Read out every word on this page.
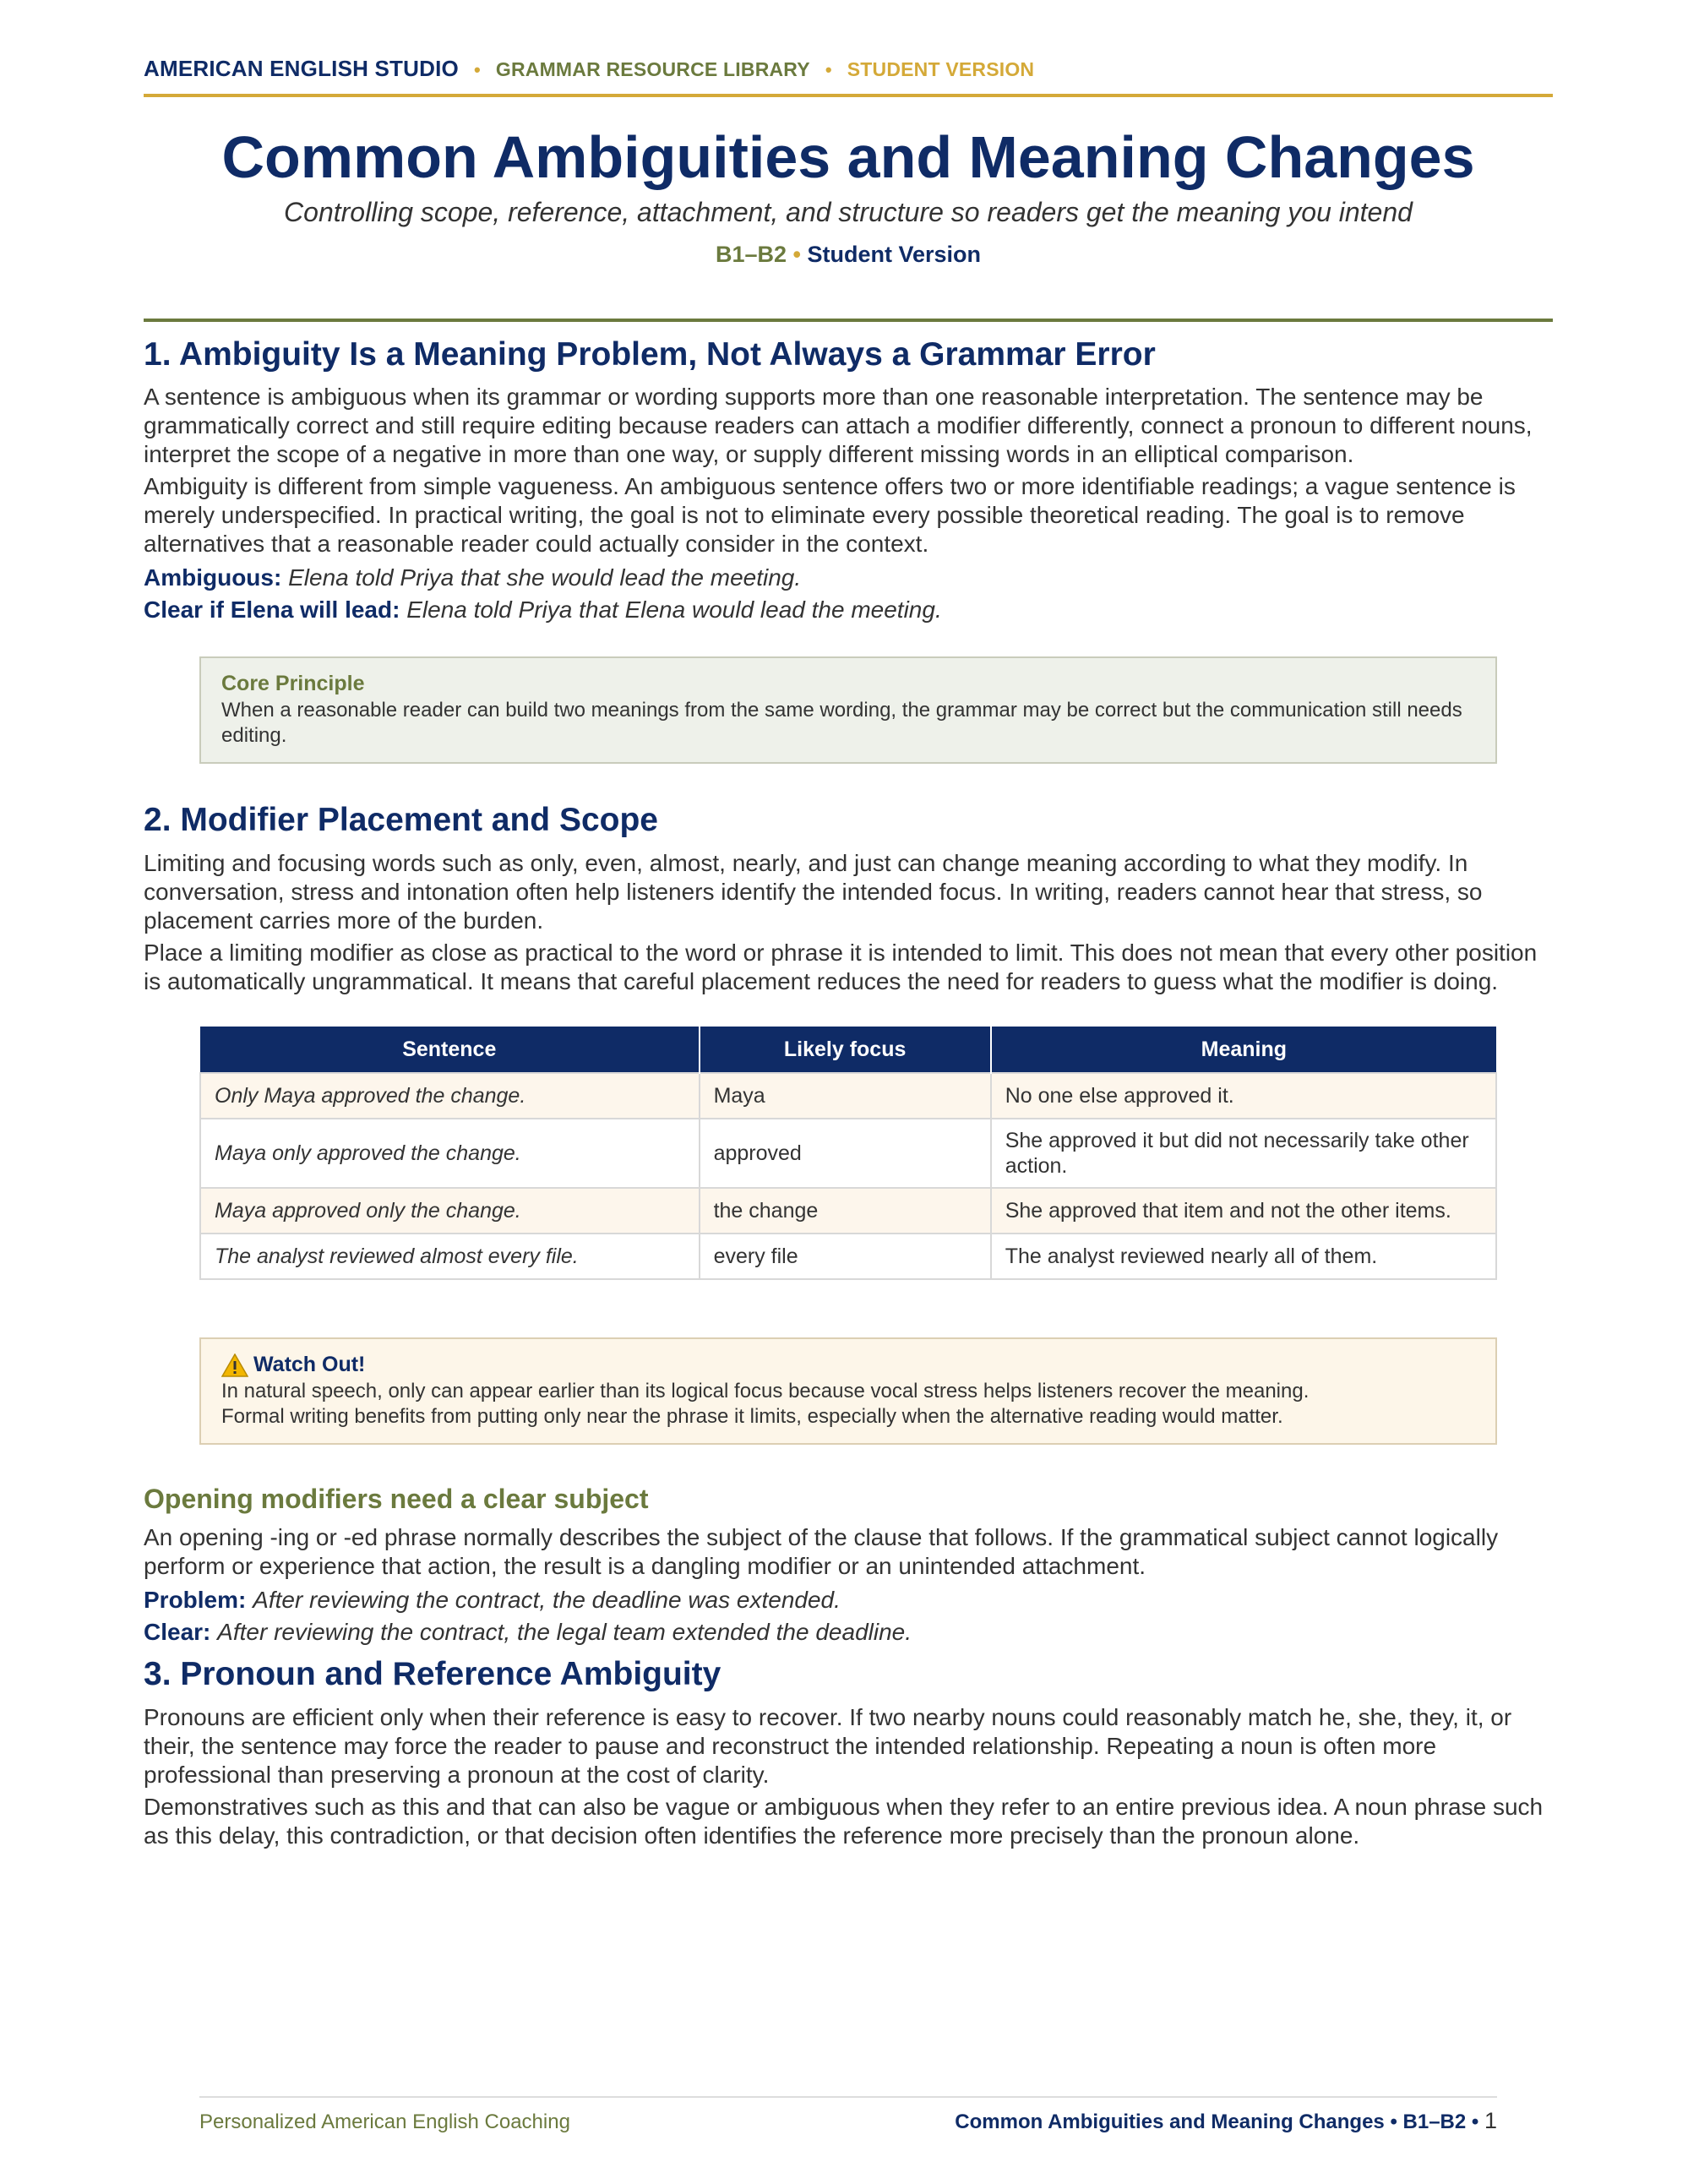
AMERICAN ENGLISH STUDIO • GRAMMAR RESOURCE LIBRARY • STUDENT VERSION
Common Ambiguities and Meaning Changes
Controlling scope, reference, attachment, and structure so readers get the meaning you intend
B1–B2 • Student Version
1. Ambiguity Is a Meaning Problem, Not Always a Grammar Error

A sentence is ambiguous when its grammar or wording supports more than one reasonable interpretation. The sentence may be grammatically correct and still require editing because readers can attach a modifier differently, connect a pronoun to different nouns, interpret the scope of a negative in more than one way, or supply different missing words in an elliptical comparison.

Ambiguity is different from simple vagueness. An ambiguous sentence offers two or more identifiable readings; a vague sentence is merely underspecified. In practical writing, the goal is not to eliminate every possible theoretical reading. The goal is to remove alternatives that a reasonable reader could actually consider in the context.

Ambiguous: Elena told Priya that she would lead the meeting.
Clear if Elena will lead: Elena told Priya that Elena would lead the meeting.
Core Principle
When a reasonable reader can build two meanings from the same wording, the grammar may be correct but the communication still needs editing.
2. Modifier Placement and Scope

Limiting and focusing words such as only, even, almost, nearly, and just can change meaning according to what they modify. In conversation, stress and intonation often help listeners identify the intended focus. In writing, readers cannot hear that stress, so placement carries more of the burden.

Place a limiting modifier as close as practical to the word or phrase it is intended to limit. This does not mean that every other position is automatically ungrammatical. It means that careful placement reduces the need for readers to guess what the modifier is doing.

Sentence	Likely focus	Meaning
Only Maya approved the change.	Maya	No one else approved it.
Maya only approved the change.	approved	She approved it but did not necessarily take other action.
Maya approved only the change.	the change	She approved that item and not the other items.
The analyst reviewed almost every file.	every file	The analyst reviewed nearly all of them.
Watch Out!
In natural speech, only can appear earlier than its logical focus because vocal stress helps listeners recover the meaning.
Formal writing benefits from putting only near the phrase it limits, especially when the alternative reading would matter.
Opening modifiers need a clear subject

An opening -ing or -ed phrase normally describes the subject of the clause that follows. If the grammatical subject cannot logically perform or experience that action, the result is a dangling modifier or an unintended attachment.

Problem: After reviewing the contract, the deadline was extended.
Clear: After reviewing the contract, the legal team extended the deadline.
3. Pronoun and Reference Ambiguity

Pronouns are efficient only when their reference is easy to recover. If two nearby nouns could reasonably match he, she, they, it, or their, the sentence may force the reader to pause and reconstruct the intended relationship. Repeating a noun is often more professional than preserving a pronoun at the cost of clarity.

Demonstratives such as this and that can also be vague or ambiguous when they refer to an entire previous idea. A noun phrase such as this delay, this contradiction, or that decision often identifies the reference more precisely than the pronoun alone.

Personalized American English Coaching	Common Ambiguities and Meaning Changes • B1–B2 • 1
